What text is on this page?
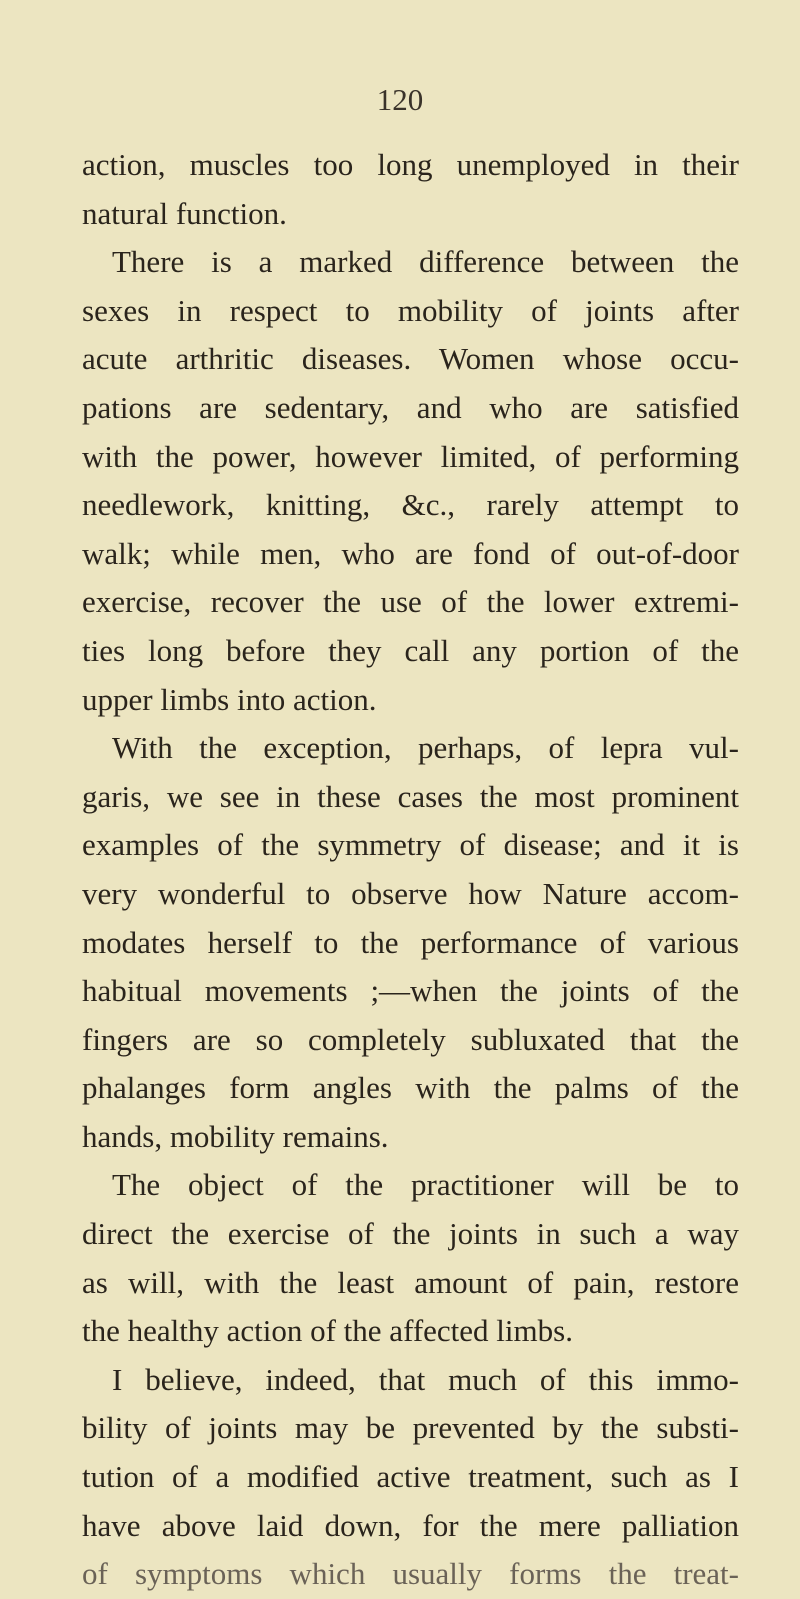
120
action, muscles too long unemployed in their
natural function.
There is a marked difference between the
sexes in respect to mobility of joints after
acute arthritic diseases. Women whose occu-
pations are sedentary, and who are satisfied
with the power, however limited, of performing
needlework, knitting, &c., rarely attempt to
walk; while men, who are fond of out-of-door
exercise, recover the use of the lower extremi-
ties long before they call any portion of the
upper limbs into action.
With the exception, perhaps, of lepra vul-
garis, we see in these cases the most prominent
examples of the symmetry of disease; and it is
very wonderful to observe how Nature accom-
modates herself to the performance of various
habitual movements ;—when the joints of the
fingers are so completely subluxated that the
phalanges form angles with the palms of the
hands, mobility remains.
The object of the practitioner will be to
direct the exercise of the joints in such a way
as will, with the least amount of pain, restore
the healthy action of the affected limbs.
I believe, indeed, that much of this immo-
bility of joints may be prevented by the substi-
tution of a modified active treatment, such as I
have above laid down, for the mere palliation
of symptoms which usually forms the treat-
